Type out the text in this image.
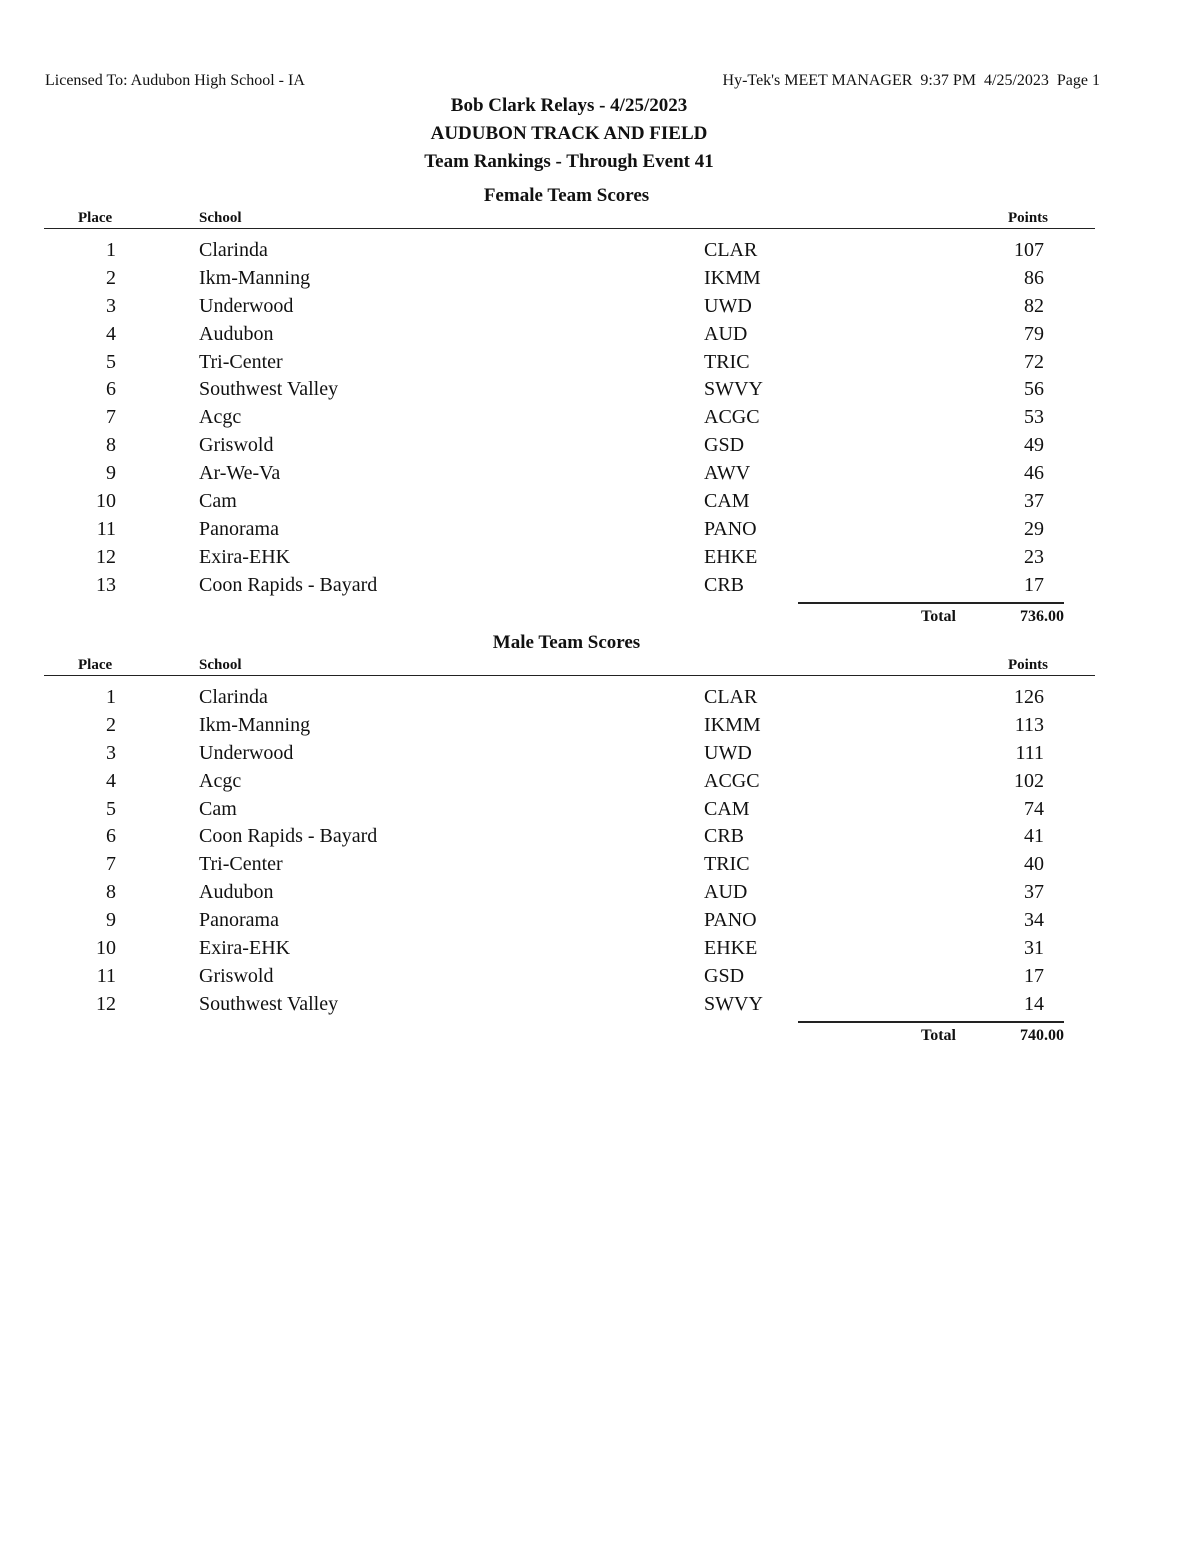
Licensed To: Audubon High School - IA	Hy-Tek's MEET MANAGER  9:37 PM  4/25/2023  Page 1
Bob Clark Relays - 4/25/2023
AUDUBON TRACK AND FIELD
Team Rankings - Through Event 41
Female Team Scores
Place	School	Points
1	Clarinda	CLAR	107
2	Ikm-Manning	IKMM	86
3	Underwood	UWD	82
4	Audubon	AUD	79
5	Tri-Center	TRIC	72
6	Southwest Valley	SWVY	56
7	Acgc	ACGC	53
8	Griswold	GSD	49
9	Ar-We-Va	AWV	46
10	Cam	CAM	37
11	Panorama	PANO	29
12	Exira-EHK	EHKE	23
13	Coon Rapids - Bayard	CRB	17
Total	736.00
Male Team Scores
Place	School	Points
1	Clarinda	CLAR	126
2	Ikm-Manning	IKMM	113
3	Underwood	UWD	111
4	Acgc	ACGC	102
5	Cam	CAM	74
6	Coon Rapids - Bayard	CRB	41
7	Tri-Center	TRIC	40
8	Audubon	AUD	37
9	Panorama	PANO	34
10	Exira-EHK	EHKE	31
11	Griswold	GSD	17
12	Southwest Valley	SWVY	14
Total	740.00
